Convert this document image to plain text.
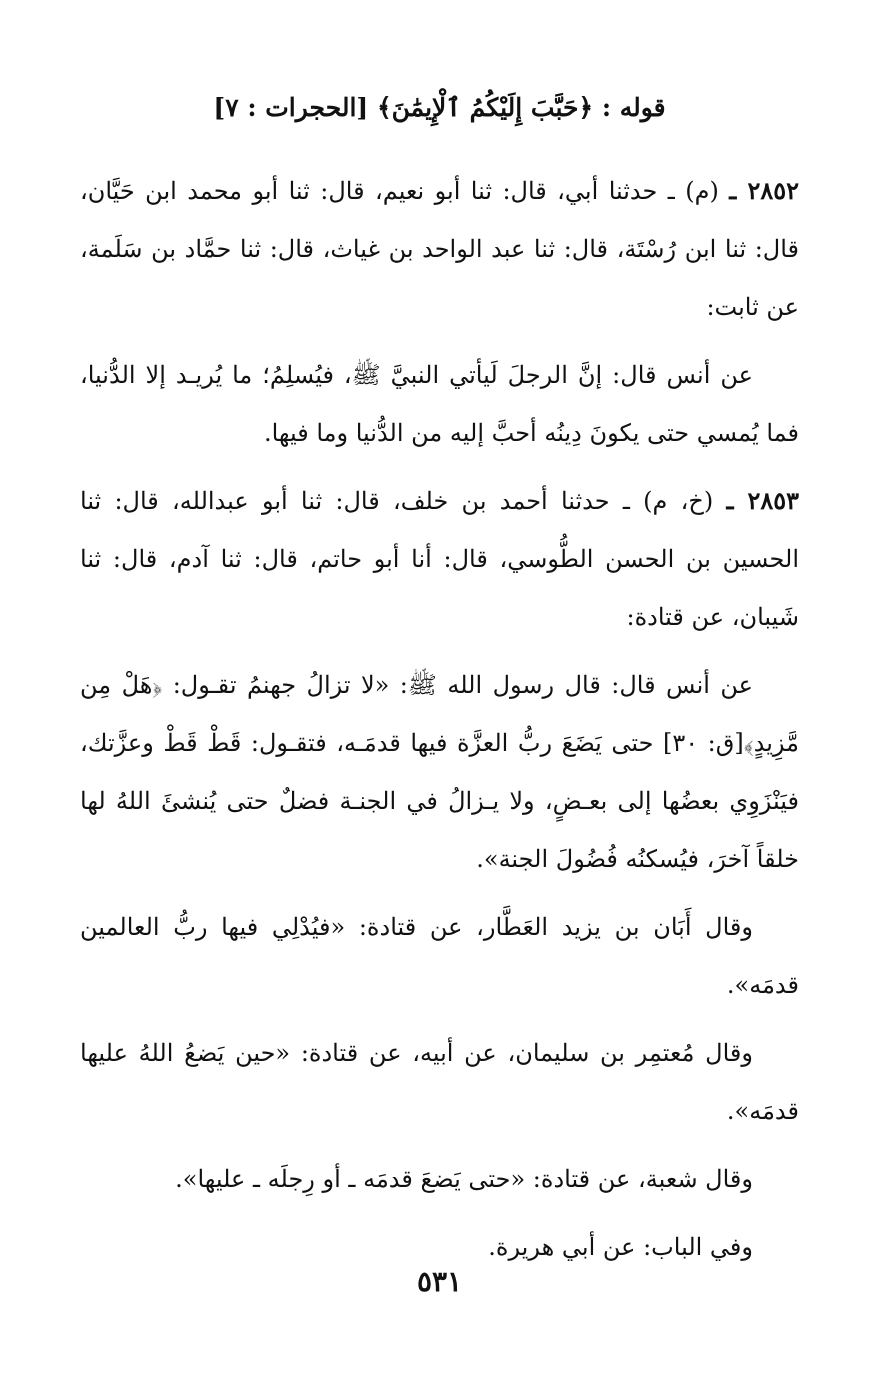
قوله : ﴿حَبَّبَ إِلَيْكُمُ ٱلْإِيمَٰنَ﴾ [الحجرات : ٧]

٢٨٥٢ ـ (م) ـ حدثنا أبي، قال: ثنا أبو نعيم، قال: ثنا أبو محمد ابن حَيَّان، قال: ثنا ابن رُسْتَة، قال: ثنا عبد الواحد بن غياث، قال: ثنا حمَّاد بن سَلَمة، عن ثابت:

عن أنس قال: إنَّ الرجلَ لَيأتي النبيَّ ﷺ، فيُسلِمُ؛ ما يُريـد إلا الدُّنيا، فما يُمسي حتى يكونَ دِينُه أحبَّ إليه من الدُّنيا وما فيها.

٢٨٥٣ ـ (خ، م) ـ حدثنا أحمد بن خلف، قال: ثنا أبو عبدالله، قال: ثنا الحسين بن الحسن الطُّوسي، قال: أنا أبو حاتم، قال: ثنا آدم، قال: ثنا شَيبان، عن قتادة:

عن أنس قال: قال رسول الله ﷺ: «لا تزالُ جهنمُ تقـول: ﴿هَلْ مِن مَّزِيدٍ﴾[ق: ٣٠] حتى يَضَعَ ربُّ العزَّة فيها قدمَـه، فتقـول: قَطْ قَطْ وعزَّتك، فيَنْزَوِي بعضُها إلى بعـضٍ، ولا يـزالُ في الجنـة فضلٌ حتى يُنشئَ اللهُ لها خلقاً آخرَ، فيُسكنُه فُضُولَ الجنة».

وقال أَبَان بن يزيد العَطَّار، عن قتادة: «فيُدْلِي فيها ربُّ العالمين قدمَه».

وقال مُعتمِر بن سليمان، عن أبيه، عن قتادة: «حين يَضعُ اللهُ عليها قدمَه».

وقال شعبة، عن قتادة: «حتى يَضعَ قدمَه ـ أو رِجلَه ـ عليها».

وفي الباب: عن أبي هريرة.

٥٣١
